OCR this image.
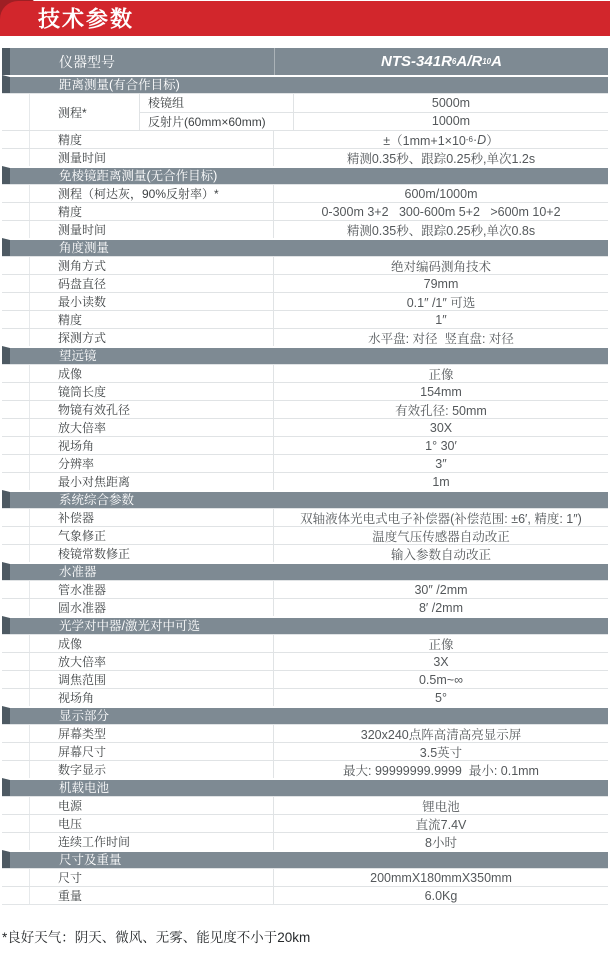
技术参数
仪器型号	NTS-341R 6 A/R 10 A
距离测量(有合作目标)
测程*
棱镜组	5000m
反射片(60mm×60mm)	1000m
精度	±（1mm+1×10 -6 · D ）
测量时间	精测0.35秒、跟踪0.25秒,单次1.2s
免棱镜距离测量(无合作目标)
测程（柯达灰，90%反射率）*	600m/1000m
精度	0-300m 3+2   300-600m 5+2   >600m 10+2
测量时间	精测0.35秒、跟踪0.25秒,单次0.8s
角度测量
测角方式	绝对编码测角技术
码盘直径	79mm
最小读数	0.1″ /1″ 可选
精度	1″
探测方式	水平盘: 对径  竖直盘: 对径
望远镜
成像	正像
镜筒长度	154mm
物镜有效孔径	有效孔径: 50mm
放大倍率	30X
视场角	1° 30′
分辨率	3″
最小对焦距离	1m
系统综合参数
补偿器	双轴液体光电式电子补偿器(补偿范围: ±6′, 精度: 1″)
气象修正	温度气压传感器自动改正
棱镜常数修正	输入参数自动改正
水准器
管水准器	30″ /2mm
圆水准器	8′ /2mm
光学对中器/激光对中可选
成像	正像
放大倍率	3X
调焦范围	0.5m~∞
视场角	5°
显示部分
屏幕类型	320x240点阵高清高亮显示屏
屏幕尺寸	3.5英寸
数字显示	最大: 99999999.9999  最小: 0.1mm
机载电池
电源	锂电池
电压	直流7.4V
连续工作时间	8小时
尺寸及重量
尺寸	200mmX180mmX350mm
重量	6.0Kg
*良好天气：阴天、微风、无雾、能见度不小于20km
